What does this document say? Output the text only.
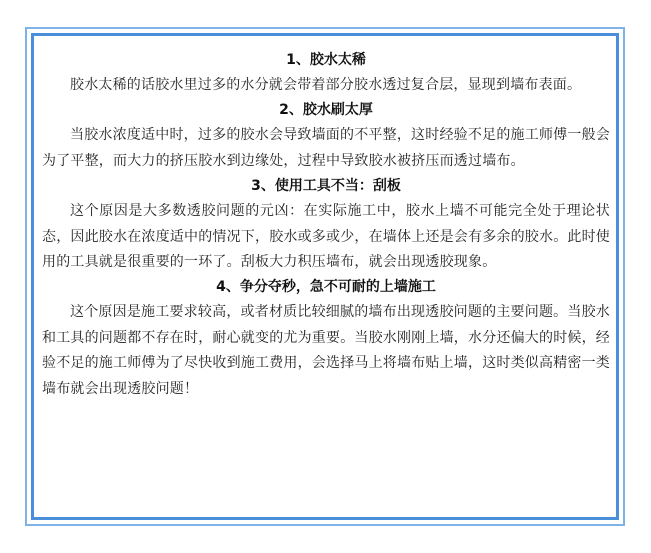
1、胶水太稀

胶水太稀的话胶水里过多的水分就会带着部分胶水透过复合层，显现到墙布表面。

2、胶水刷太厚

当胶水浓度适中时，过多的胶水会导致墙面的不平整，这时经验不足的施工师傅一般会为了平整，而大力的挤压胶水到边缘处，过程中导致胶水被挤压而透过墙布。

3、使用工具不当：刮板

这个原因是大多数透胶问题的元凶：在实际施工中，胶水上墙不可能完全处于理论状态，因此胶水在浓度适中的情况下，胶水或多或少，在墙体上还是会有多余的胶水。此时使用的工具就是很重要的一环了。刮板大力积压墙布，就会出现透胶现象。

4、争分夺秒，急不可耐的上墙施工

这个原因是施工要求较高，或者材质比较细腻的墙布出现透胶问题的主要问题。当胶水和工具的问题都不存在时，耐心就变的尤为重要。当胶水刚刚上墙，水分还偏大的时候，经验不足的施工师傅为了尽快收到施工费用，会选择马上将墙布贴上墙，这时类似高精密一类墙布就会出现透胶问题！
